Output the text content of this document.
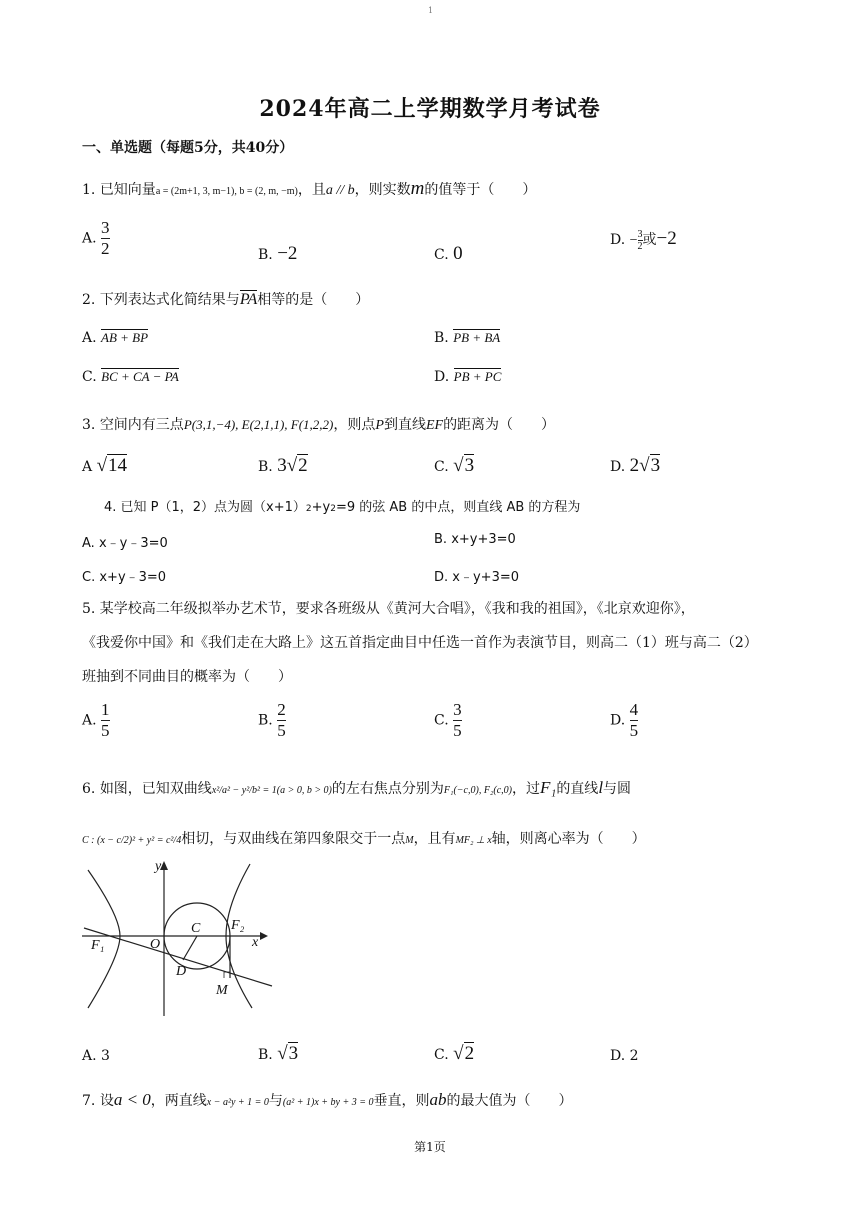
1
2024年高二上学期数学月考试卷
一、单选题（每题5分，共40分）
1. 已知向量a = (2m+1, 3, m−1), b = (2, m, −m)，且a // b，则实数m的值等于（　　）
A. $\frac{3}{2}$	B. −2	C. 0
D. $-\frac{3}{2}$或−2
2. 下列表达式化简结果与PA相等的是（　　）
A. AB + BP	B. PB + BA
C. BC + CA − PA	D. PB + PC
3. 空间内有三点P(3,1,−4), E(2,1,1), F(1,2,2)，则点P到直线EF的距离为（　　）
A √14	B. 3√2	C. √3	D. 2√3
4. 已知 P（1，2）点为圆（x+1）2+y2=9 的弦 AB 的中点，则直线 AB 的方程为
A. x﹣y﹣3=0	B. x+y+3=0
C. x+y﹣3=0	D. x﹣y+3=0
5. 某学校高二年级拟举办艺术节，要求各班级从《黄河大合唱》，《我和我的祖国》，《北京欢迎你》，
《我爱你中国》和《我们走在大路上》这五首指定曲目中任选一首作为表演节目，则高二（1）班与高二（2）
班抽到不同曲目的概率为（　　）
A. $\frac{1}{5}$	B. $\frac{2}{5}$	C. $\frac{3}{5}$	D. $\frac{4}{5}$
6. 如图，已知双曲线x²/a² − y²/b² = 1(a > 0, b > 0)的左右焦点分别为F₁(−c,0), F₂(c,0)，过F₁的直线l与圆
C : (x − c/2)² + y² = c²/4相切，与双曲线在第四象限交于一点M，且有MF₂ ⊥ x轴，则离心率为（　　）
y
x
O
C
F₁
F₂
D
M
A. 3	B. √3	C. √2	D. 2
7. 设a < 0，两直线x − a²y + 1 = 0与(a² + 1)x + by + 3 = 0垂直，则ab的最大值为（　　）
第1页
